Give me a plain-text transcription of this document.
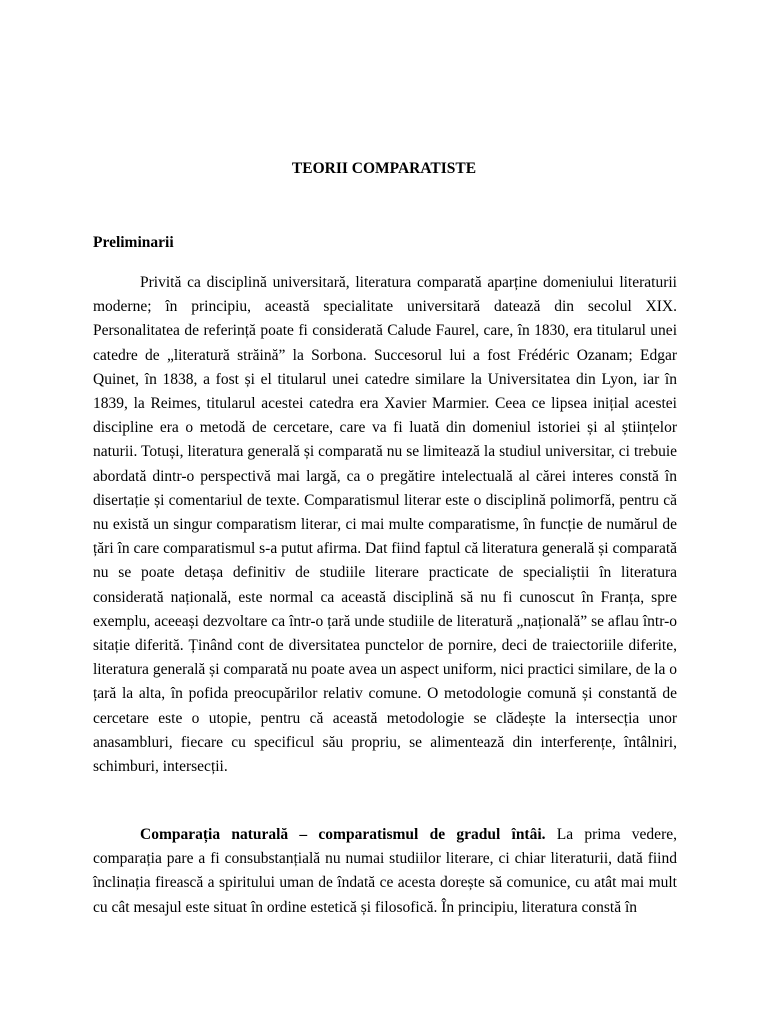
TEORII COMPARATISTE
Preliminarii

Privită ca disciplină universitară, literatura comparată aparține domeniului literaturii moderne; în principiu, această specialitate universitară datează din secolul XIX. Personalitatea de referință poate fi considerată Calude Faurel, care, în 1830, era titularul unei catedre de „literatură străină” la Sorbona. Succesorul lui a fost Frédéric Ozanam; Edgar Quinet, în 1838, a fost și el titularul unei catedre similare la Universitatea din Lyon, iar în 1839, la Reimes, titularul acestei catedra era Xavier Marmier. Ceea ce lipsea inițial acestei discipline era o metodă de cercetare, care va fi luată din domeniul istoriei și al științelor naturii. Totuși, literatura generală și comparată nu se limitează la studiul universitar, ci trebuie abordată dintr-o perspectivă mai largă, ca o pregătire intelectuală al cărei interes constă în disertație și comentariul de texte. Comparatismul literar este o disciplină polimorfă, pentru că nu există un singur comparatism literar, ci mai multe comparatisme, în funcție de numărul de țări în care comparatismul s-a putut afirma. Dat fiind faptul că literatura generală și comparată nu se poate detașa definitiv de studiile literare practicate de specialiștii în literatura considerată națională, este normal ca această disciplină să nu fi cunoscut în Franța, spre exemplu, aceeași dezvoltare ca într-o țară unde studiile de literatură „națională” se aflau într-o sitație diferită. Ținând cont de diversitatea punctelor de pornire, deci de traiectoriile diferite, literatura generală și comparată nu poate avea un aspect uniform, nici practici similare, de la o țară la alta, în pofida preocupărilor relativ comune. O metodologie comună și constantă de cercetare este o utopie, pentru că această metodologie se clădește la intersecția unor anasambluri, fiecare cu specificul său propriu, se alimentează din interferențe, întâlniri, schimburi, intersecții.

Comparația naturală – comparatismul de gradul întâi. La prima vedere, comparația pare a fi consubstanțială nu numai studiilor literare, ci chiar literaturii, dată fiind înclinația firească a spiritului uman de îndată ce acesta dorește să comunice, cu atât mai mult cu cât mesajul este situat în ordine estetică și filosofică. În principiu, literatura constă în
